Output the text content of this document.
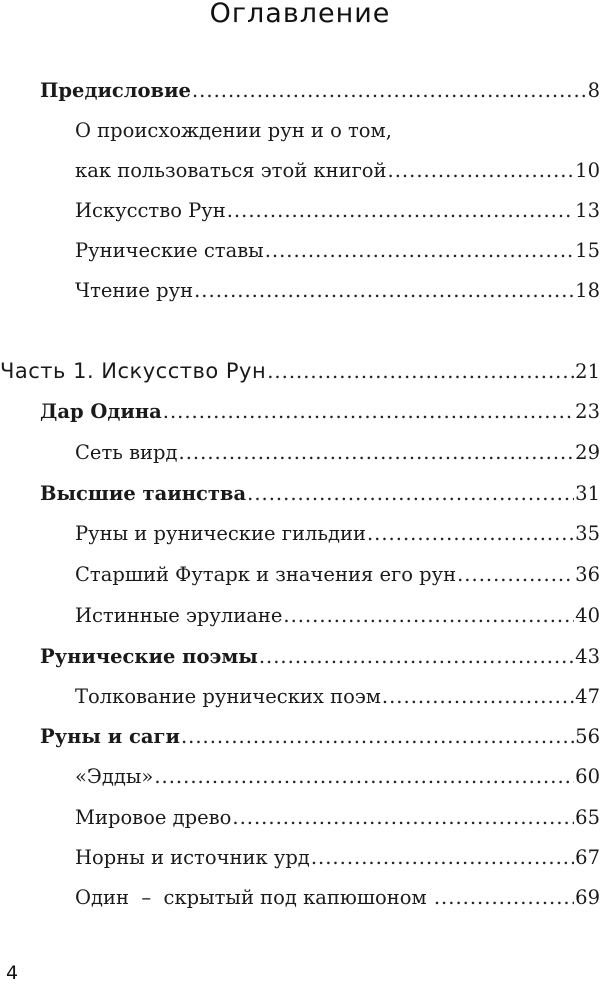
Оглавление
Предисловие .....	8
О происхождении рун и о том,
как пользоваться этой книгой .....	10
Искусство Рун .....	13
Рунические ставы .....	15
Чтение рун .....	18
Часть 1. Искусство Рун .....	21
Дар Одина .....	23
Сеть вирд .....	29
Высшие таинства .....	31
Руны и рунические гильдии .....	35
Старший Футарк и значения его рун .....	36
Истинные эрулиане .....	40
Рунические поэмы .....	43
Толкование рунических поэм .....	47
Руны и саги .....	56
«Эдды» .....	60
Мировое древо .....	65
Норны и источник урд .....	67
Один  –  скрытый под капюшоном .....	69
4
